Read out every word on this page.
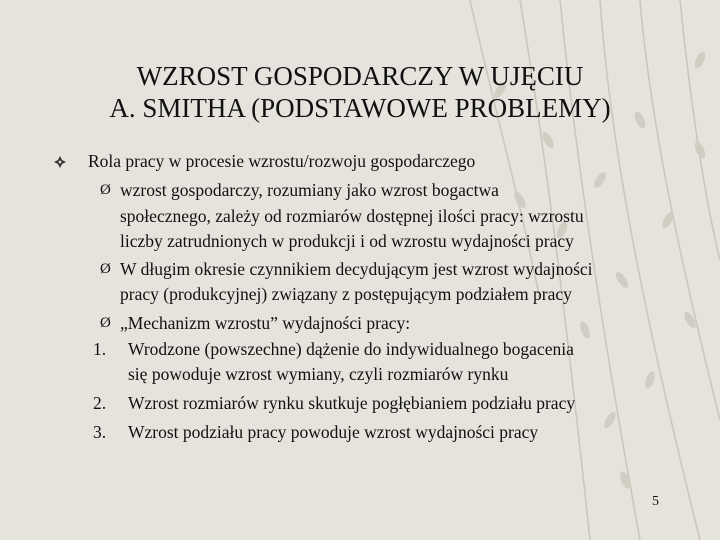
WZROST GOSPODARCZY W UJĘCIU
A. SMITHA (PODSTAWOWE PROBLEMY)
Rola pracy w procesie wzrostu/rozwoju gospodarczego
Ø wzrost gospodarczy, rozumiany jako wzrost bogactwa
społecznego, zależy od rozmiarów dostępnej ilości pracy: wzrostu
liczby zatrudnionych w produkcji i od wzrostu wydajności pracy
Ø W długim okresie czynnikiem decydującym jest wzrost wydajności
pracy (produkcyjnej) związany z postępującym podziałem pracy
Ø „Mechanizm wzrostu” wydajności pracy:
1. Wrodzone (powszechne) dążenie do indywidualnego bogacenia
się powoduje wzrost wymiany, czyli rozmiarów rynku
2. Wzrost rozmiarów rynku skutkuje pogłębianiem podziału pracy
3. Wzrost podziału pracy powoduje wzrost wydajności pracy
5
